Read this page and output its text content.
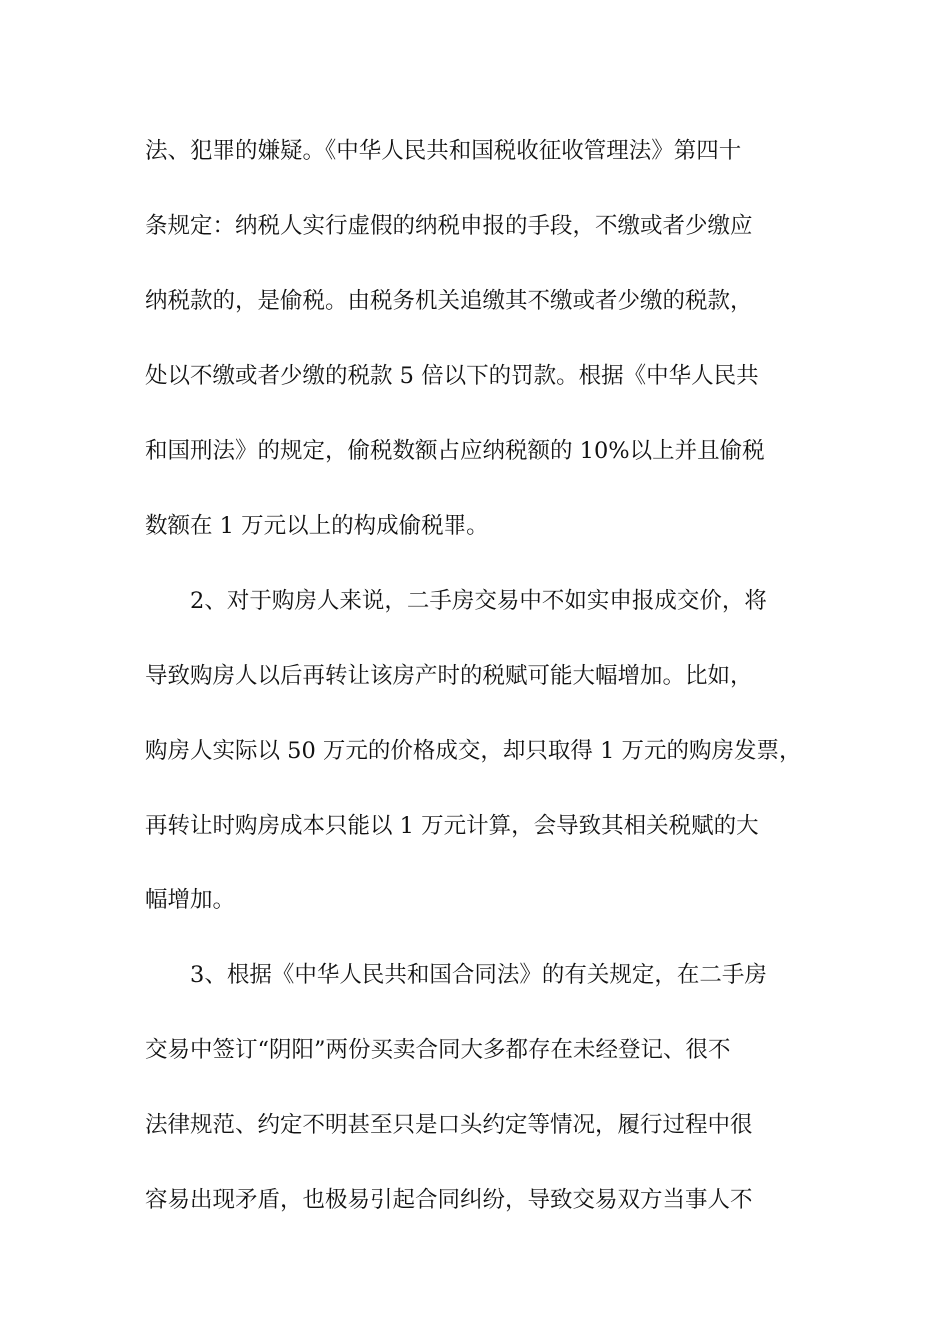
法、犯罪的嫌疑。《中华人民共和国税收征收管理法》第四十
条规定：纳税人实行虚假的纳税申报的手段，不缴或者少缴应
纳税款的，是偷税。由税务机关追缴其不缴或者少缴的税款，
处以不缴或者少缴的税款 5 倍以下的罚款。根据《中华人民共
和国刑法》的规定，偷税数额占应纳税额的 10%以上并且偷税
数额在 1 万元以上的构成偷税罪。
2、对于购房人来说，二手房交易中不如实申报成交价，将
导致购房人以后再转让该房产时的税赋可能大幅增加。比如，
购房人实际以 50 万元的价格成交，却只取得 1 万元的购房发票，
再转让时购房成本只能以 1 万元计算，会导致其相关税赋的大
幅增加。
3、根据《中华人民共和国合同法》的有关规定，在二手房
交易中签订“阴阳”两份买卖合同大多都存在未经登记、很不
法律规范、约定不明甚至只是口头约定等情况，履行过程中很
容易出现矛盾，也极易引起合同纠纷，导致交易双方当事人不
